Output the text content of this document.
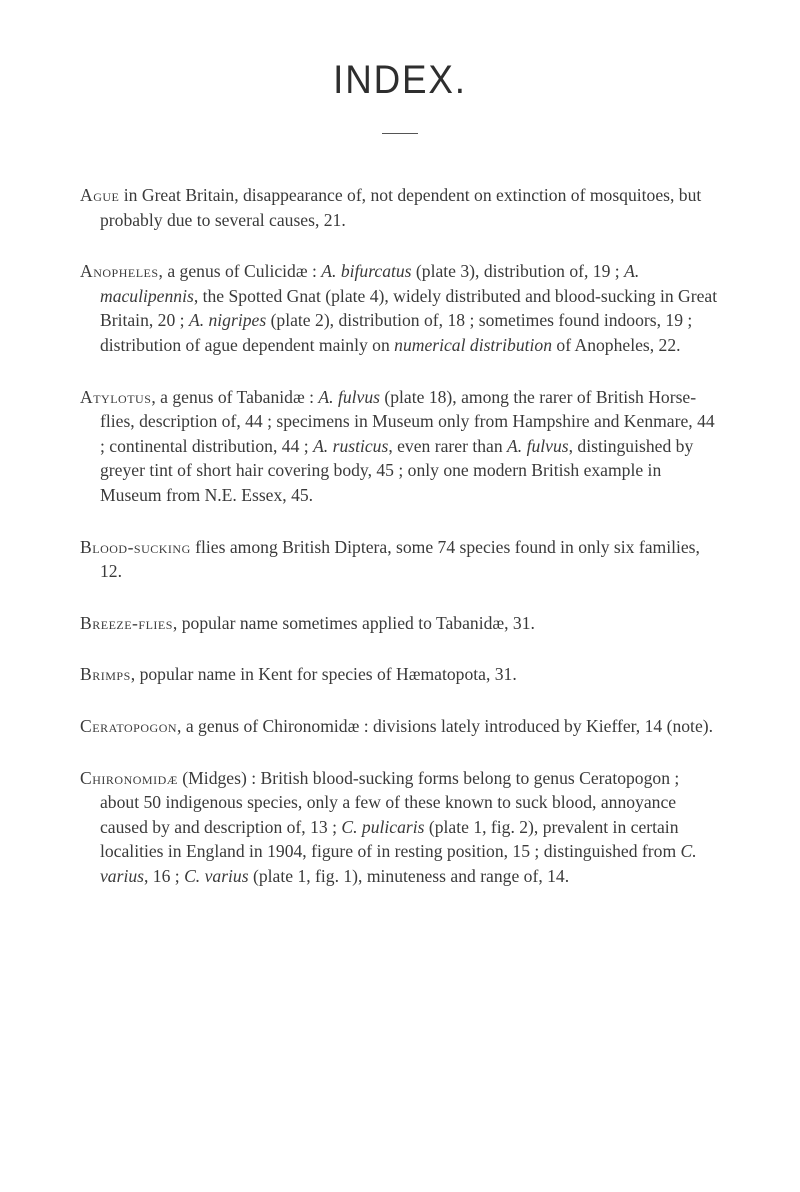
INDEX.

Ague in Great Britain, disappearance of, not dependent on extinction of mosquitoes, but probably due to several causes, 21.

Anopheles, a genus of Culicidæ : A. bifurcatus (plate 3), distribution of, 19 ; A. maculipennis, the Spotted Gnat (plate 4), widely distributed and blood-sucking in Great Britain, 20 ; A. nigripes (plate 2), distribution of, 18 ; sometimes found indoors, 19 ; distribution of ague dependent mainly on numerical distribution of Anopheles, 22.

Atylotus, a genus of Tabanidæ : A. fulvus (plate 18), among the rarer of British Horse-flies, description of, 44 ; specimens in Museum only from Hampshire and Kenmare, 44 ; continental distribution, 44 ; A. rusticus, even rarer than A. fulvus, distinguished by greyer tint of short hair covering body, 45 ; only one modern British example in Museum from N.E. Essex, 45.

Blood-sucking flies among British Diptera, some 74 species found in only six families, 12.

Breeze-flies, popular name sometimes applied to Tabanidæ, 31.

Brimps, popular name in Kent for species of Hæmatopota, 31.

Ceratopogon, a genus of Chironomidæ : divisions lately introduced by Kieffer, 14 (note).

Chironomidæ (Midges) : British blood-sucking forms belong to genus Ceratopogon ; about 50 indigenous species, only a few of these known to suck blood, annoyance caused by and description of, 13 ; C. pulicaris (plate 1, fig. 2), prevalent in certain localities in England in 1904, figure of in resting position, 15 ; distinguished from C. varius, 16 ; C. varius (plate 1, fig. 1), minuteness and range of, 14.
